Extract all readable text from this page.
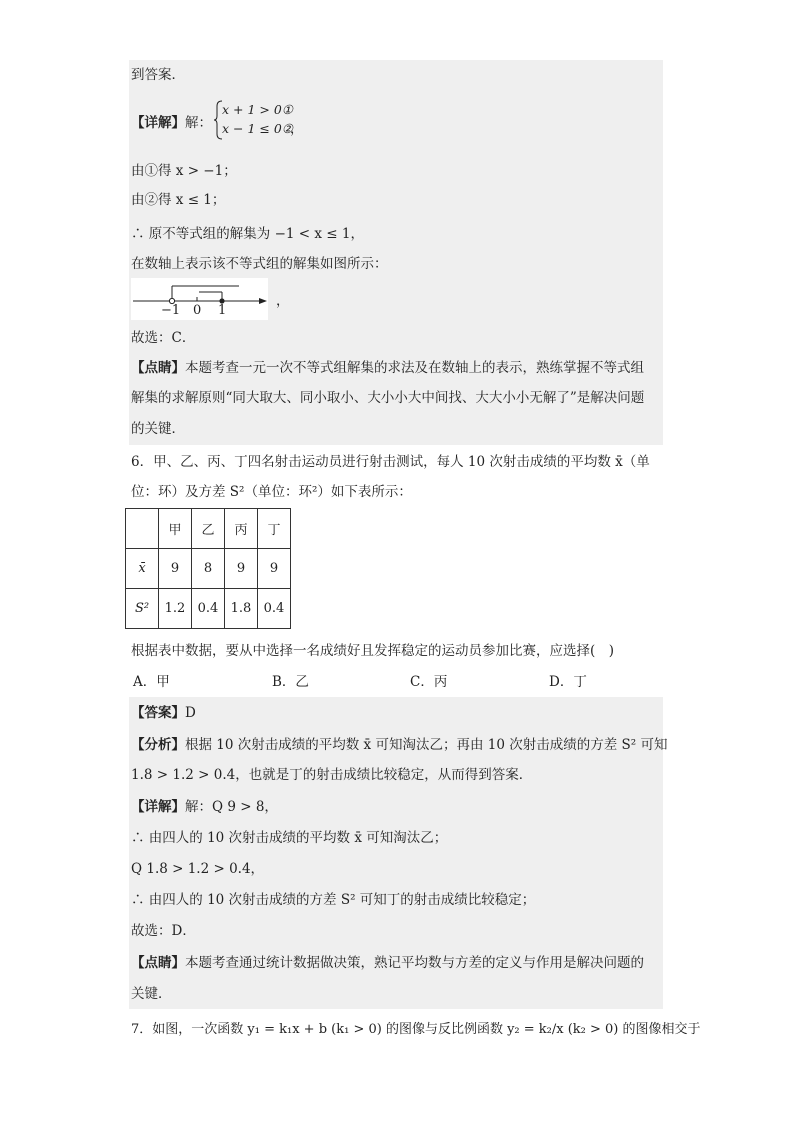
到答案．
【详解】解：
x + 1 > 0①
x − 1 ≤ 0②
，
由①得 x > −1；
由②得 x ≤ 1；
∴ 原不等式组的解集为 −1 < x ≤ 1，
在数轴上表示该不等式组的解集如图所示：
−1 0 1
，
故选：C．
【点睛】本题考查一元一次不等式组解集的求法及在数轴上的表示，熟练掌握不等式组
解集的求解原则“同大取大、同小取小、大小小大中间找、大大小小无解了”是解决问题
的关键．
6．甲、乙、丙、丁四名射击运动员进行射击测试，每人 10 次射击成绩的平均数 x̄（单
位：环）及方差 S²（单位：环²）如下表所示：
	甲	乙	丙	丁
x̄	9	8	9	9
S²	1.2	0.4	1.8	0.4
根据表中数据，要从中选择一名成绩好且发挥稳定的运动员参加比赛，应选择(　)
A．甲	B．乙	C．丙	D．丁
【答案】D
【分析】根据 10 次射击成绩的平均数 x̄ 可知淘汰乙；再由 10 次射击成绩的方差 S² 可知
1.8 > 1.2 > 0.4，也就是丁的射击成绩比较稳定，从而得到答案．
【详解】解：Q 9 > 8，
∴ 由四人的 10 次射击成绩的平均数 x̄ 可知淘汰乙；
Q 1.8 > 1.2 > 0.4，
∴ 由四人的 10 次射击成绩的方差 S² 可知丁的射击成绩比较稳定；
故选：D．
【点睛】本题考查通过统计数据做决策，熟记平均数与方差的定义与作用是解决问题的
关键．
7．如图，一次函数 y₁ = k₁x + b (k₁ > 0) 的图像与反比例函数 y₂ = k₂/x (k₂ > 0) 的图像相交于
